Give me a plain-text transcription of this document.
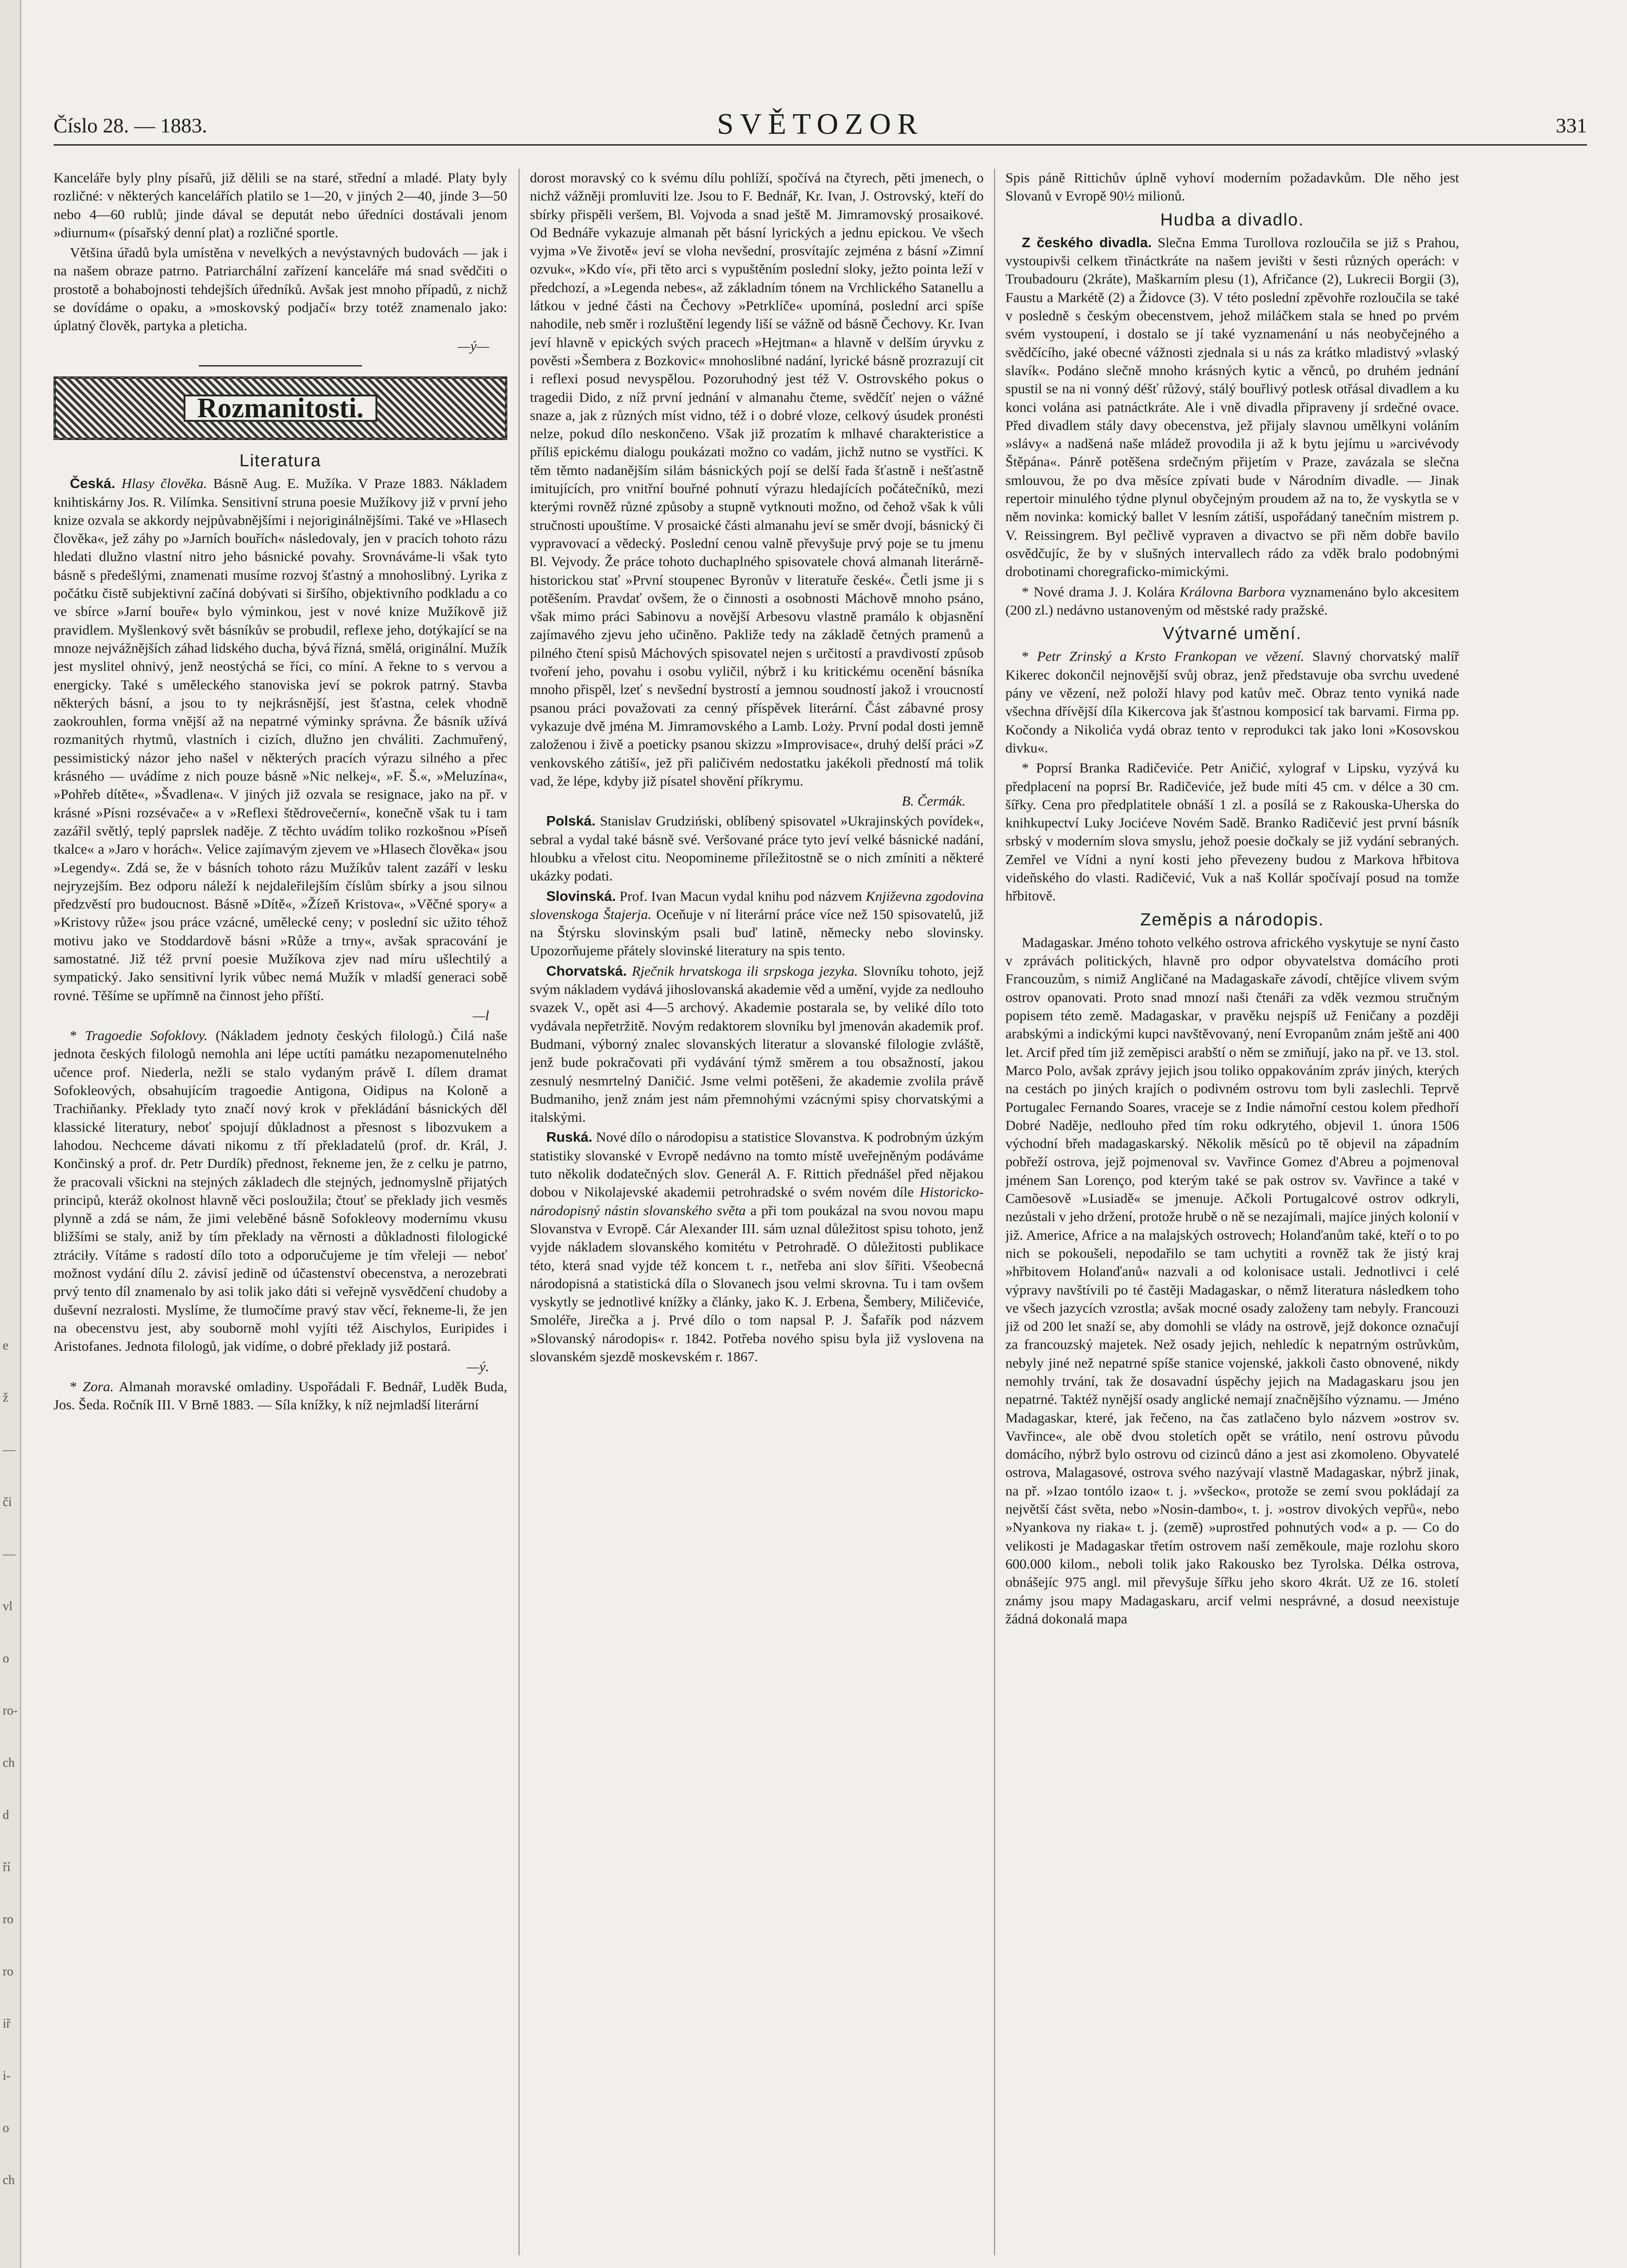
e
ž
—
či
—
vl
o
ro-
ch
d
ří
ro
ro
iř
i-
o
ch
Číslo 28. — 1883.	SVĚTOZOR	331

Kanceláře byly plny písařů, již dělili se na staré, střední a mladé. Platy byly rozličné: v některých kancelářích platilo se 1—20, v jiných 2—40, jinde 3—50 nebo 4—60 rublů; jinde dával se deputát nebo úředníci dostávali jenom »diurnum« (písařský denní plat) a rozličné sportle.

Většina úřadů byla umístěna v nevelkých a nevýstavných budovách — jak i na našem obraze patrno. Patriarchální zařízení kanceláře má snad svědčiti o prostotě a bohabojnosti tehdejších úředníků. Avšak jest mnoho případů, z nichž se dovídáme o opaku, a »moskovský podjačí« brzy totéž znamenalo jako: úplatný člověk, partyka a pletichа.

—ý—

Rozmanitosti.
Literatura

Česká. Hlasy člověka. Básně Aug. E. Mužíka. V Praze 1883. Nákladem knihtiskárny Jos. R. Vilímka. Sensitivní struna poesie Mužíkovy již v první jeho knize ozvala se akkordy nejpůvabnějšími i nejoriginálnějšími. Také ve »Hlasech člověka«, jež záhy po »Jarních bouřích« následovaly, jen v pracích tohoto rázu hledati dlužno vlastní nitro jeho básnické povahy. Srovnáváme-li však tyto básně s předešlými, znamenati musíme rozvoj šťastný a mnohoslibný. Lyrika z počátku čistě subjektivní začíná dobývati si širšího, objektivního podkladu a co ve sbírce »Jarní bouře« bylo výminkou, jest v nové knize Mužíkově již pravidlem. Myšlenkový svět básníkův se probudil, reflexe jeho, dotýkající se na mnoze nejvážnějších záhad lidského ducha, bývá řízná, smělá, originální. Mužík jest myslitel ohnivý, jenž neostýchá se říci, co míní. A řekne to s vervou a energicky. Také s uměleckého stanoviska jeví se pokrok patrný. Stavba některých básní, a jsou to ty nejkrásnější, jest šťastna, celek vhodně zaokrouhlen, forma vnější až na nepatrné výminky správna. Že básník užívá rozmanitých rhytmů, vlastních i cizích, dlužno jen chváliti. Zachmuřený, pessimistický názor jeho našel v některých pracích výrazu silného a přec krásného — uvádíme z nich pouze básně »Nic nelkej«, »F. Š.«, »Meluzína«, »Pohřeb dítěte«, »Švadlena«. V jiných již ozvala se resignace, jako na př. v krásné »Písni rozsévače« a v »Reflexi štědrovečerní«, konečně však tu i tam zazářil světlý, teplý paprslek naděje. Z těchto uvádím toliko rozkošnou »Píseň tkalce« a »Jaro v horách«. Velice zajímavým zjevem ve »Hlasech člověka« jsou »Legendy«. Zdá se, že v básních tohoto rázu Mužíkův talent zazáří v lesku nejryzejším. Bez odporu náleží k nejdaleřilejším číslům sbírky a jsou silnou předzvěstí pro budoucnost. Básně »Dítě«, »Žízeň Kristova«, »Věčné spory« a »Kristovy růže« jsou práce vzácné, umělecké ceny; v poslední sic užito téhož motivu jako ve Stoddardově básni »Růže a trny«, avšak spracování je samostatné. Již též první poesie Mužíkova zjev nad míru ušlechtilý a sympatický. Jako sensitivní lyrik vůbec nemá Mužík v mladší generaci sobě rovné. Těšíme se upřímně na činnost jeho příští.

—l

* Tragoedie Sofoklovy. (Nákladem jednoty českých filologů.) Čilá naše jednota českých filologů nemohla ani lépe uctíti památku nezapomenutelného učence prof. Niederla, nežli se stalo vydaným právě I. dílem dramat Sofokleových, obsahujícím tragoedie Antigona, Oidipus na Koloně a Trachiňanky. Překlady tyto značí nový krok v překládání básnických děl klassické literatury, neboť spojují důkladnost a přesnost s libozvukem a lahodou. Nechceme dávati nikomu z tří překladatelů (prof. dr. Král, J. Končinský a prof. dr. Petr Durdík) přednost, řekneme jen, že z celku je patrno, že pracovali všickni na stejných základech dle stejných, jednomyslně přijatých principů, kteráž okolnost hlavně věci posloužila; čtouť se překlady jich vesměs plynně a zdá se nám, že jimi veleběné básně Sofokleovy modernímu vkusu bližšími se staly, aniž by tím překlady na věrnosti a důkladnosti filologické ztráciły. Vítáme s radostí dílo toto a odporučujeme je tím vřeleji — neboť možnost vydání dílu 2. závisí jedině od účastenství obecenstva, a nerozebrati prvý tento díl znamenalo by asi tolik jako dáti si veřejně vysvědčení chudoby a duševní nezralosti. Myslíme, že tlumočíme pravý stav věcí, řekneme-li, že jen na obecenstvu jest, aby souborně mohl vyjíti též Aischylos, Euripides i Aristofanes. Jednota filologů, jak vidíme, o dobré překlady již postará.

—ý.

* Zora. Almanah moravské omladiny. Uspořádali F. Bednář, Luděk Buda, Jos. Šeda. Ročník III. V Brně 1883. — Síla knížky, k níž nejmladší literární

dorost moravský co k svému dílu pohlíží, spočívá na čtyrech, pěti jmenech, o nichž vážněji promluviti lze. Jsou to F. Bednář, Kr. Ivan, J. Ostrovský, kteří do sbírky přispěli veršem, Bl. Vojvoda a snad ještě M. Jimramovský prosaikové. Od Bednáře vykazuje almanah pět básní lyrických a jednu epickou. Ve všech vyjma »Ve životě« jeví se vloha nevšední, prosvítajíc zejména z básní »Zimní ozvuk«, »Kdo ví«, při těto arci s vypuštěním poslední sloky, ježto pointa leží v předchozí, a »Legenda nebes«, až základním tónem na Vrchlického Satanellu a látkou v jedné části na Čechovy »Petrklíče« upomíná, poslední arci spíše nahodile, neb směr i rozluštění legendy liší se vážně od básně Čechovy. Kr. Ivan jeví hlavně v epických svých pracech »Hejtman« a hlavně v delším úryvku z pověsti »Šembera z Bozkovic« mnohoslibné nadání, lyrické básně prozrazují cit i reflexi posud nevyspělou. Pozoruhodný jest též V. Ostrovského pokus o tragedii Dido, z níž první jednání v almanahu čteme, svědčíť nejen o vážné snaze a, jak z různých míst vidno, též i o dobré vloze, celkový úsudek pronésti nelze, pokud dílo neskončeno. Však již prozatím k mlhavé charakteristice a příliš epickému dialogu poukázati možno co vadám, jichž nutno se vystříci. K těm těmto nadanějším silám básnických pojí se delší řada šťastně i nešťastně imitujících, pro vnitřní bouřné pohnutí výrazu hledajících počátečníků, mezi kterými rovněž různé způsoby a stupně vytknouti možno, od čehož však k vůli stručnosti upouštíme. V prosaické části almanahu jeví se směr dvojí, básnický či vypravovací a vědecký. Poslední cenou valně převyšuje prvý poje se tu jmenu Bl. Vejvody. Že práce tohoto duchaplného spisovatele chová almanah literárně-historickou stať »První stoupenec Byronův v literatuře české«. Četli jsme ji s potěšením. Pravdať ovšem, že o činnosti a osobnosti Máchově mnoho psáno, však mimo práci Sabinovu a novější Arbesovu vlastně pramálo k objasnění zajímavého zjevu jeho učiněno. Pakliže tedy na základě četných pramenů a pilného čtení spisů Máchových spisovatel nejen s určitostí a pravdivostí způsob tvoření jeho, povahu i osobu vyličil, nýbrž i ku kritickému ocenění básníka mnoho přispěl, lzeť s nevšední bystrostí a jemnou soudností jakož i vroucností psanou práci považovati za cenný příspěvek literární. Část zábavné prosy vykazuje dvě jména M. Jimramovského a Lamb. Loży. První podal dosti jemně založenou i živě a poeticky psanou skizzu »Improvisace«, druhý delší práci »Z venkovského zátiší«, jež při paličivém nedostatku jakékoli předností má tolik vad, že lépe, kdyby již písatel shovění příkrymu.

B. Čermák.

Polská. Stanislav Grudziński, oblíbený spisovatel »Ukrajinských povídek«, sebral a vydal také básně své. Veršované práce tyto jeví velké básnické nadání, hloubku a vřelost citu. Neopomineme příležitostně se o nich zmíniti a některé ukázky podati.

Slovinská. Prof. Ivan Macun vydal knihu pod názvem Književna zgodovina slovenskoga Štajerja. Oceňuje v ní literární práce více než 150 spisovatelů, již na Štýrsku slovinským psali buď latině, německy nebo slovinsky. Upozorňujeme přátely slovinské literatury na spis tento.

Chorvatská. Rječnik hrvatskoga ili srpskoga jezyka. Slovníku tohoto, jejž svým nákladem vydává jihoslovanská akademie věd a umění, vyjde za nedlouho svazek V., opět asi 4—5 archový. Akademie postarala se, by veliké dílo toto vydávala nepřetržitě. Novým redaktorem slovníku byl jmenován akademik prof. Budmani, výborný znalec slovanských literatur a slovanské filologie zvláště, jenž bude pokračovati při vydávání týmž směrem a tou obsažností, jakou zesnulý nesmrtelný Daničić. Jsme velmi potěšeni, že akademie zvolila právě Budmaniho, jenž znám jest nám přemnohými vzácnými spisy chorvatskými a italskými.

Ruská. Nové dílo o národopisu a statistice Slovanstva. K podrobným úzkým statistiky slovanské v Evropě nedávno na tomto místě uveřejněným podáváme tuto několik dodatečných slov. Generál A. F. Rittich přednášel před nějakou dobou v Nikolajevské akademii petrohradské o svém novém díle Historicko-národopisný nástin slovanského světa a při tom poukázal na svou novou mapu Slovanstva v Evropě. Cár Alexander III. sám uznal důležitost spisu tohoto, jenž vyjde nákladem slovanského komitétu v Petrohradě. O důležitosti publikace této, která snad vyjde též koncem t. r., netřeba ani slov šířiti. Všeobecná národopisná a statistická díla o Slovanech jsou velmi skrovna. Tu i tam ovšem vyskytly se jednotlivé knížky a články, jako K. J. Erbena, Šembery, Miličeviće, Smoléře, Jirečka a j. Prvé dílo o tom napsal P. J. Šafařík pod názvem »Slovanský národopis« r. 1842. Potřeba nového spisu byla již vyslovena na slovanském sjezdě moskevském r. 1867.

Spis páně Rittichův úplně vyhoví moderním požadavkům. Dle něho jest Slovanů v Evropě 90½ milionů.

Hudba a divadlo.

Z českého divadla. Slečna Emma Turollova rozloučila se již s Prahou, vystoupivši celkem třináctkráte na našem jevišti v šesti různých operách: v Troubadouru (2kráte), Maškarním plesu (1), Afričance (2), Lukrecii Borgii (3), Faustu a Markétě (2) a Židovce (3). V této poslední zpěvohře rozloučila se také v posledně s českým obecenstvem, jehož miláčkem stala se hned po prvém svém vystoupení, i dostalo se jí také vyznamenání u nás neobyčejného a svědčícího, jaké obecné vážnosti zjednala si u nás za krátko mladistvý »vlaský slavík«. Podáno slečně mnoho krásných kytic a věnců, po druhém jednání spustil se na ni vonný déšť růžový, stálý bouřlivý potlesk otřásal divadlem a ku konci volána asi patnáctkráte. Ale i vně divadla připraveny jí srdečné ovace. Před divadlem stály davy obecenstva, jež přijaly slavnou umělkyni voláním »slávy« a nadšená naše mládež provodila ji až k bytu jejímu u »arcivévody Štěpána«. Pánrě potěšena srdečným přijetím v Praze, zavázala se slečna smlouvou, že po dva měsíce zpívati bude v Národním divadle. — Jinak repertoir minulého týdne plynul obyčejným proudem až na to, že vyskytla se v něm novinka: komický ballet V lesním zátiší, uspořádaný tanečním mistrem p. V. Reissingrem. Byl pečlivě vypraven a divactvo se při něm dobře bavilo osvědčujíc, že by v slušných intervallech rádo za vděk bralo podobnými drobotinami choregraficko-mimickými.

* Nové drama J. J. Kolára Královna Barbora vyznamenáno bylo akcesitem (200 zl.) nedávno ustanoveným od městské rady pražské.

Výtvarné umění.

* Petr Zrinský a Krsto Frankopan ve vězení. Slavný chorvatský malíř Kikerec dokončil nejnovější svůj obraz, jenž představuje oba svrchu uvedené pány ve vězení, než položí hlavy pod katův meč. Obraz tento vyniká nade všechna dřívější díla Kikercova jak šťastnou komposicí tak barvami. Firma pp. Kočondy a Nikolića vydá obraz tento v reprodukci tak jako loni »Kosovskou divku«.

* Poprsí Branka Radičeviće. Petr Aničić, xylograf v Lipsku, vyzývá ku předplacení na poprsí Br. Radičeviće, jež bude míti 45 cm. v délce a 30 cm. šířky. Cena pro předplatitele obnáší 1 zl. a posílá se z Rakouska-Uherska do knihkupectví Luky Jocićeve Novém Sadě. Branko Radičević jest první básník srbský v moderním slova smyslu, jehož poesie dočkaly se již vydání sebraných. Zemřel ve Vídni a nyní kosti jeho převezeny budou z Markova hřbitova videňského do vlasti. Radičević, Vuk a naš Kollár spočívají posud na tomže hřbitově.

Zeměpis a národopis.

Madagaskar. Jméno tohoto velkého ostrova afrického vyskytuje se nyní často v zprávách politických, hlavně pro odpor obyvatelstva domácího proti Francouzům, s nimiž Angličané na Madagaskaře závodí, chtějíce vlivem svým ostrov opanovati. Proto snad mnozí naši čtenáři za vděk vezmou stručným popisem této země. Madagaskar, v pravěku nejspíš už Feničany a později arabskými a indickými kupci navštěvovaný, není Evropanům znám ještě ani 400 let. Arcif před tím již zeměpisci arabští o něm se zmiňují, jako na př. ve 13. stol. Marco Polo, avšak zprávy jejich jsou toliko oppakováním zpráv jiných, kterých na cestách po jiných krajích o podivném ostrovu tom byli zaslechli. Teprvě Portugalec Fernando Soares, vraceje se z Indie námořní cestou kolem předhoří Dobré Naděje, nedlouho před tím roku odkrytého, objevil 1. února 1506 východní břeh madagaskarský. Několik měsíců po tě objevil na západním pobřeží ostrova, jejž pojmenoval sv. Vavřince Gomez d'Abreu a pojmenoval jménem San Lorenço, pod kterým také se pak ostrov sv. Vavřince a také v Camõesově »Lusiadě« se jmenuje. Ačkoli Portugalcové ostrov odkryli, nezůstali v jeho držení, protože hrubě o ně se nezajímali, majíce jiných kolonií v již. Americe, Africe a na malajských ostrovech; Holanďanům také, kteří o to po nich se pokoušeli, nepodařilo se tam uchytiti a rovněž tak že jistý kraj »hřbitovem Holanďanů« nazvali a od kolonisace ustali. Jednotlivci i celé výpravy navštívili po té častěji Madagaskar, o němž literatura následkem toho ve všech jazycích vzrostla; avšak mocné osady založeny tam nebyly. Francouzi již od 200 let snaží se, aby domohli se vlády na ostrově, jejž dokonce označují za francouzský majetek. Než osady jejich, nehledíc k nepatrným ostrůvkům, nebyly jiné než nepatrné spíše stanice vojenské, jakkoli často obnovené, nikdy nemohly trvání, tak že dosavadní úspěchy jejich na Madagaskaru jsou jen nepatrné. Taktéž nynější osady anglické nemají značnějšího významu. — Jméno Madagaskar, které, jak řečeno, na čas zatlačeno bylo názvem »ostrov sv. Vavřince«, ale obě dvou stoletích opět se vrátilo, není ostrovu původu domácího, nýbrž bylo ostrovu od cizinců dáno a jest asi zkomoleno. Obyvatelé ostrova, Malagasové, ostrova svého nazývají vlastně Madagaskar, nýbrž jinak, na př. »Izao tontólo izao« t. j. »všecko«, protože se zemí svou pokládají za největší část světa, nebo »Nosin-dambo«, t. j. »ostrov divokých vepřů«, nebo »Nyankova ny riaka« t. j. (země) »uprostřed pohnutých vod« a p. — Co do velikosti je Madagaskar třetím ostrovem naší zeměkoule, maje rozlohu skoro 600.000 kilom., neboli tolik jako Rakousko bez Tyrolska. Délka ostrova, obnášejíc 975 angl. mil převyšuje šířku jeho skoro 4krát. Už ze 16. století známy jsou mapy Madagaskaru, arcif velmi nesprávné, a dosud neexistuje žádná dokonalá mapa
